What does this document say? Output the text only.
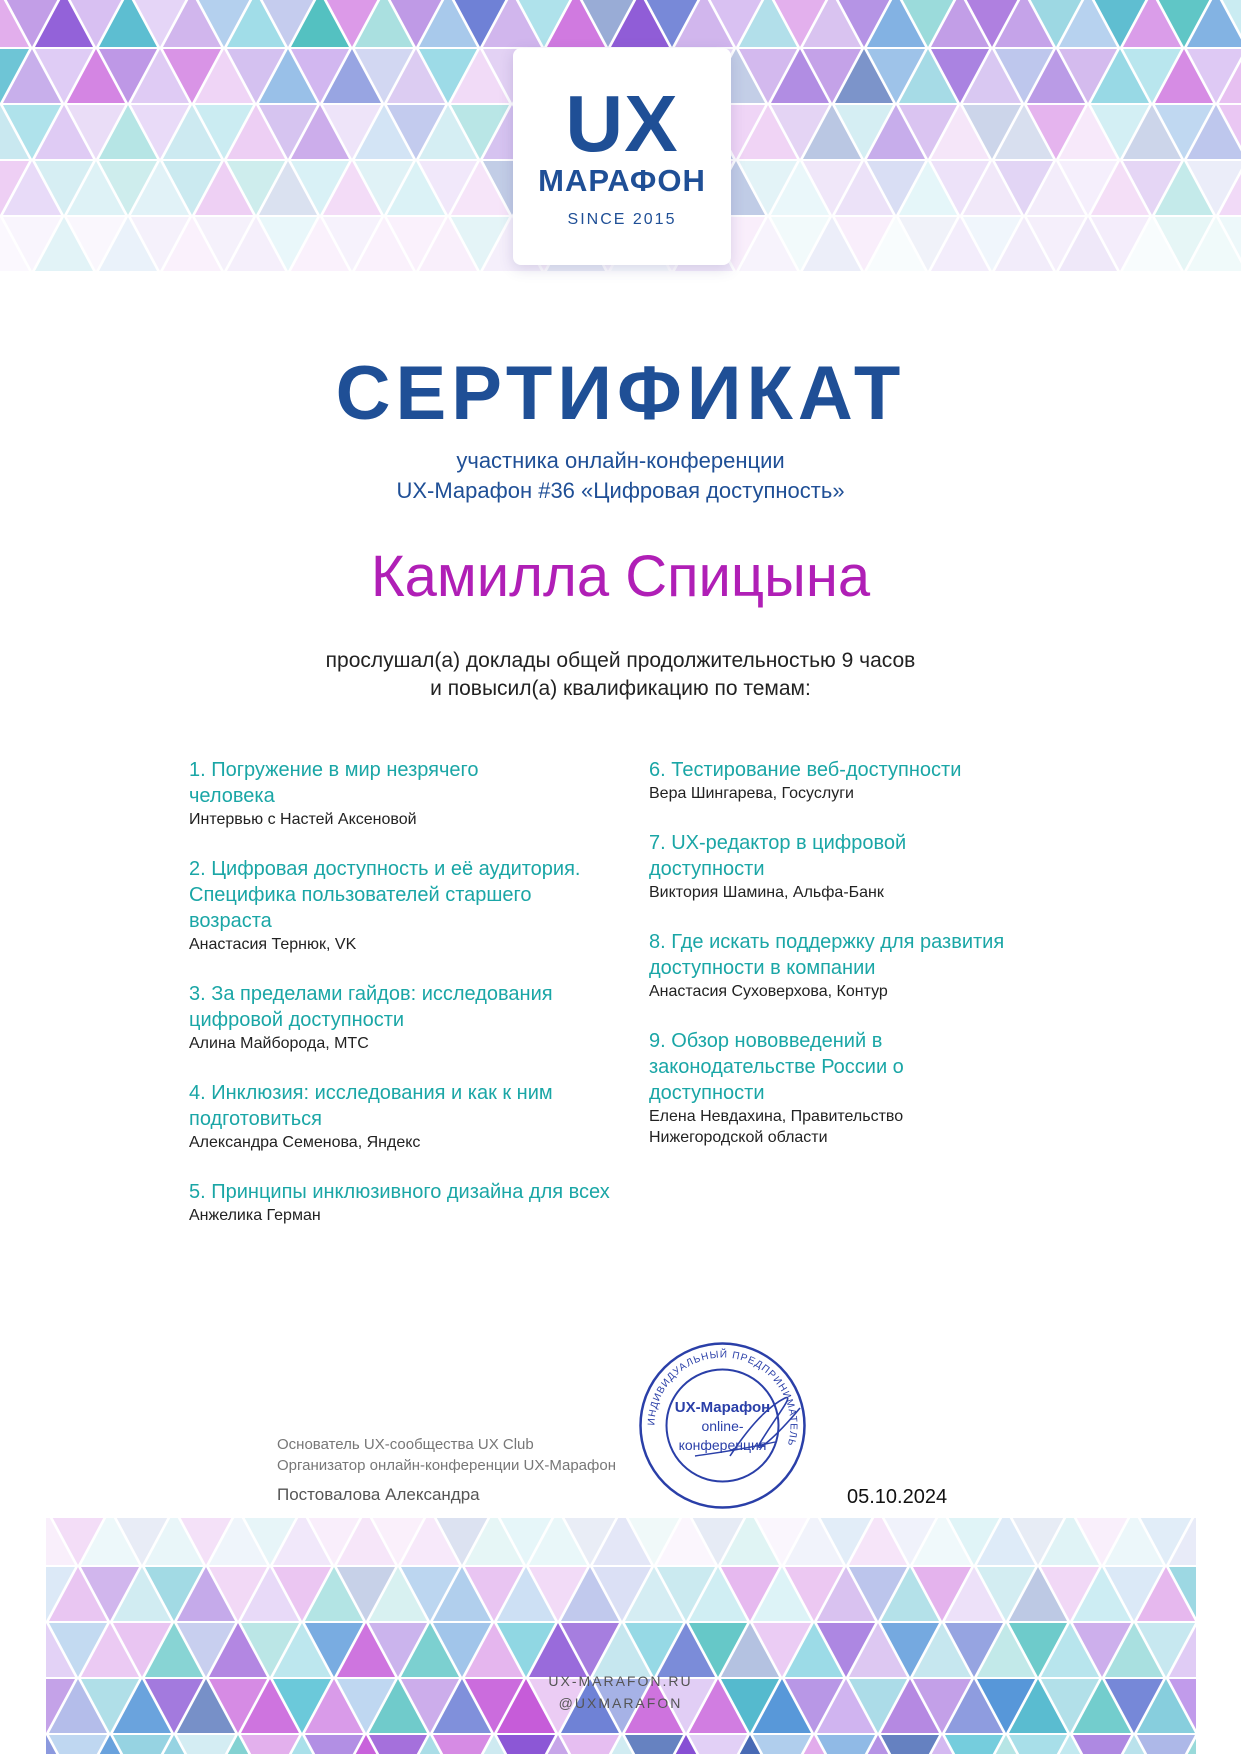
UX
МАРАФОН
SINCE 2015
СЕРТИФИКАТ
участника онлайн-конференции
UX-Марафон #36 «Цифровая доступность»
Камилла Спицына
прослушал(а) доклады общей продолжительностью 9 часов
и повысил(а) квалификацию по темам:
1. Погружение в мир незрячего человека
Интервью с Настей Аксеновой
2. Цифровая доступность и её аудитория. Специфика пользователей старшего возраста
Анастасия Тернюк, VK
3. За пределами гайдов: исследования цифровой доступности
Алина Майборода, МТС
4. Инклюзия: исследования и как к ним подготовиться
Александра Семенова, Яндекс
5. Принципы инклюзивного дизайна для всех
Анжелика Герман
6. Тестирование веб-доступности
Вера Шингарева, Госуслуги
7. UX-редактор в цифровой доступности
Виктория Шамина, Альфа-Банк
8. Где искать поддержку для развития доступности в компании
Анастасия Суховерхова, Контур
9. Обзор нововведений в законодательстве России о доступности
Елена Невдахина, Правительство Нижегородской области
Основатель UX-сообщества UX Club
Организатор онлайн-конференции UX-Марафон
Постовалова Александра	05.10.2024
ИНДИВИДУАЛЬНЫЙ ПРЕДПРИНИМАТЕЛЬ
UX-Марафон
online-
конференция
UX-MARAFON.RU
@UXMARAFON
